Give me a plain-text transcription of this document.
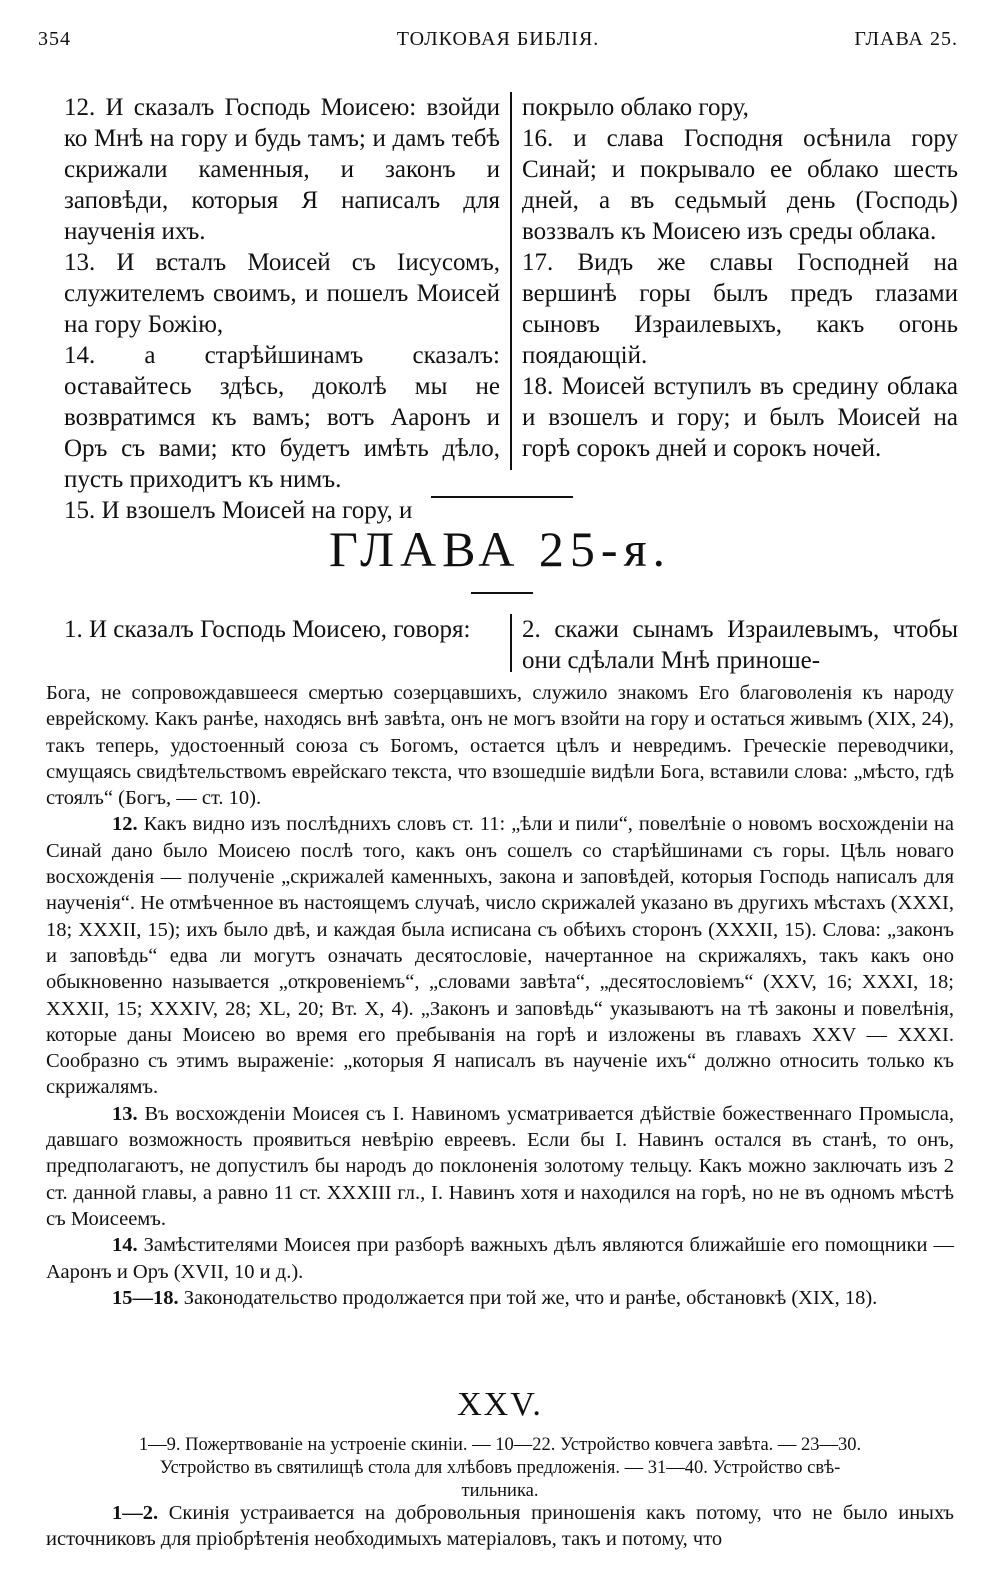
354	ТОЛКОВАЯ БИБЛІЯ.	ГЛАВА 25.

12. И сказалъ Господь Моисею: взойди ко Мнѣ на гору и будь тамъ; и дамъ тебѣ скрижали каменныя, и законъ и заповѣди, которыя Я написалъ для наученія ихъ.

13. И всталъ Моисей съ Іисусомъ, служителемъ своимъ, и пошелъ Моисей на гору Божію,

14. а старѣйшинамъ сказалъ: оставайтесь здѣсь, доколѣ мы не возвратимся къ вамъ; вотъ Ааронъ и Оръ съ вами; кто будетъ имѣть дѣло, пусть приходитъ къ нимъ.

15. И взошелъ Моисей на гору, и

покрыло облако гору,

16. и слава Господня осѣнила гору Синай; и покрывало ее облако шесть дней, а въ седьмый день (Господь) воззвалъ къ Моисею изъ среды облака.

17. Видъ же славы Господней на вершинѣ горы былъ предъ глазами сыновъ Израилевыхъ, какъ огонь поядающій.

18. Моисей вступилъ въ средину облака и взошелъ и гору; и былъ Моисей на горѣ сорокъ дней и сорокъ ночей.

ГЛАВА 25-я.

1. И сказалъ Господь Моисею, говоря:	2. скажи сынамъ Израилевымъ, чтобы они сдѣлали Мнѣ приноше-

Бога, не сопровождавшееся смертью созерцавшихъ, служило знакомъ Его благоволенія къ народу еврейскому. Какъ ранѣе, находясь внѣ завѣта, онъ не могъ взойти на гору и остаться живымъ (XIX, 24), такъ теперь, удостоенный союза съ Богомъ, остается цѣлъ и невредимъ. Греческіе переводчики, смущаясь свидѣтельствомъ еврейскаго текста, что взошедшіе видѣли Бога, вставили слова: „мѣсто, гдѣ стоялъ“ (Богъ, — ст. 10).

12. Какъ видно изъ послѣднихъ словъ ст. 11: „ѣли и пили“, повелѣніе о новомъ восхожденіи на Синай дано было Моисею послѣ того, какъ онъ сошелъ со старѣйшинами съ горы. Цѣль новаго восхожденія — полученіе „скрижалей каменныхъ, закона и заповѣдей, которыя Господь написалъ для наученія“. Не отмѣченное въ настоящемъ случаѣ, число скрижалей указано въ другихъ мѣстахъ (XXXI, 18; XXXII, 15); ихъ было двѣ, и каждая была исписана съ обѣихъ сторонъ (XXXII, 15). Слова: „законъ и заповѣдь“ едва ли могутъ означать десятословіе, начертанное на скрижаляхъ, такъ какъ оно обыкновенно называется „откровеніемъ“, „словами завѣта“, „десятословіемъ“ (XXV, 16; XXXI, 18; XXXII, 15; XXXIV, 28; XL, 20; Вт. X, 4). „Законъ и заповѣдь“ указываютъ на тѣ законы и повелѣнія, которые даны Моисею во время его пребыванія на горѣ и изложены въ главахъ XXV — XXXI. Сообразно съ этимъ выраженіе: „которыя Я написалъ въ наученіе ихъ“ должно относить только къ скрижалямъ.

13. Въ восхожденіи Моисея съ І. Навиномъ усматривается дѣйствіе божественнаго Промысла, давшаго возможность проявиться невѣрію евреевъ. Если бы І. Навинъ остался въ станѣ, то онъ, предполагаютъ, не допустилъ бы народъ до поклоненія золотому тельцу. Какъ можно заключать изъ 2 ст. данной главы, а равно 11 ст. XXXIII гл., І. Навинъ хотя и находился на горѣ, но не въ одномъ мѣстѣ съ Моисеемъ.

14. Замѣстителями Моисея при разборѣ важныхъ дѣлъ являются ближайшіе его помощники — Ааронъ и Оръ (XVII, 10 и д.).

15—18. Законодательство продолжается при той же, что и ранѣе, обстановкѣ (XIX, 18).

XXV.

1—9. Пожертвованіе на устроеніе скиніи. — 10—22. Устройство ковчега завѣта. — 23—30.

Устройство въ святилищѣ стола для хлѣбовъ предложенія. — 31—40. Устройство свѣ-

тильника.

1—2. Скинія устраивается на добровольныя приношенія какъ потому, что не было иныхъ источниковъ для пріобрѣтенія необходимыхъ матеріаловъ, такъ и потому, что
